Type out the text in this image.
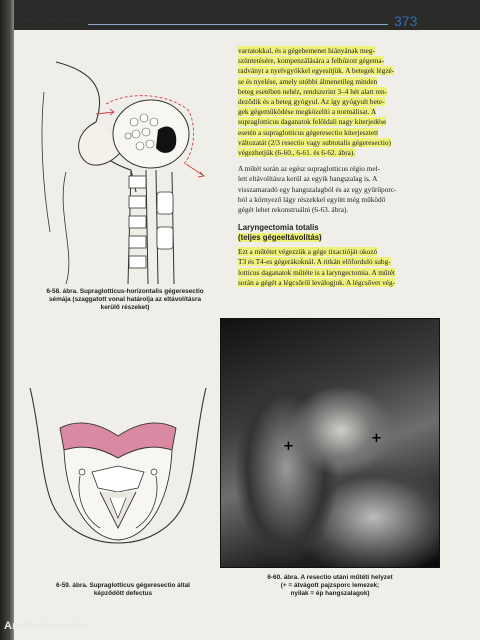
A gége betegségei	373

varratokkal, és a gégebemenet hiányának meg-
szüntetésére, kompenzálására a felhúzott gégema-
radványt a nyelvgyökkel egyesítjük. A betegek légzé-
se és nyelése, amely utóbbi álmenetileg minden
beteg esetében nehéz, rendszerint 3–4 hét alatt ren-
deződik és a beteg gyógyul. Az így gyógyult bete-
gek gégeműködése megközelíti a normálisat. A
supraglotticus daganatok felöldali nagy kiterjedése
esetén a supraglotticus gégeresectio kiterjesztett
változatát (2/3 resectio vagy subtotalis gégeresectio)
végezhetjük (6-60., 6-61. és 6-62. ábra).

A műtét során az egész supraglotticus régio mel-
lett eltávolításra kerül az egyik hangszalag is. A
visszamaradó egy hangszalagból és az egy gyűrűporc-
ból a környező lágy részekkel együtt még működő
gégét lehet rekonstruálni (6-63. ábra).

Laryngectomia totalis
(teljes gégeeltávolítás)

Ezt a műtétet végezzük a gége tixactióját okozó
T3 és T4-es gégerákoknál. A ritkán előforduló subg-
lotticus daganatok műtéte is a laryngectomia. A műtét
során a gégét a légcsőről leválogjuk. A légcsővet vég-

6-58. ábra. Supraglotticus-horizontalis gégeresectio
sémája (szaggatott vonal határolja az eltávolításra
kerülő részeket)
6-59. ábra. Supraglotticus gégeresectio által
képződött defectus
+
+
6-60. ábra. A resectio utáni műtéti helyzet
(+ = átvágott pajzsporc lemezek;
nyilak = ép hangszalagok)
Antikvárium.hu
